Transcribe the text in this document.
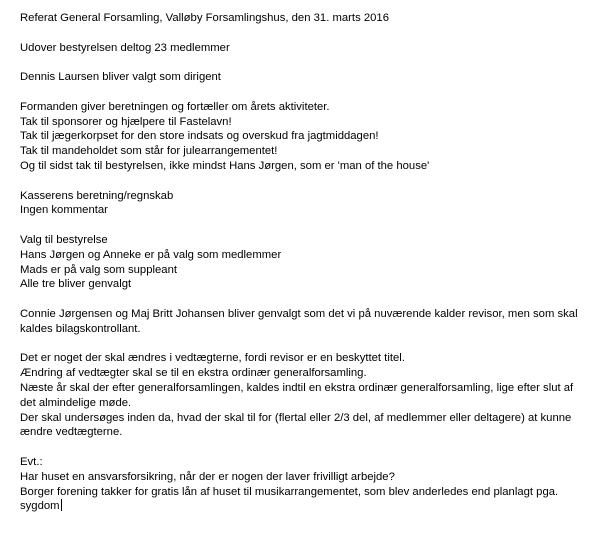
Referat General Forsamling, Valløby Forsamlingshus, den 31. marts 2016
Udover bestyrelsen deltog 23 medlemmer
Dennis Laursen bliver valgt som dirigent
Formanden giver beretningen og fortæller om årets aktiviteter.
Tak til sponsorer og hjælpere til Fastelavn!
Tak til jægerkorpset for den store indsats og overskud fra jagtmiddagen!
Tak til mandeholdet som står for julearrangementet!
Og til sidst tak til bestyrelsen, ikke mindst Hans Jørgen, som er 'man of the house'
Kasserens beretning/regnskab
Ingen kommentar
Valg til bestyrelse
Hans Jørgen og Anneke er på valg som medlemmer
Mads er på valg som suppleant
Alle tre bliver genvalgt
Connie Jørgensen og Maj Britt Johansen bliver genvalgt som det vi på nuværende kalder revisor, men som skal
kaldes bilagskontrollant.
Det er noget der skal ændres i vedtægterne, fordi revisor er en beskyttet titel.
Ændring af vedtægter skal se til en ekstra ordinær generalforsamling.
Næste år skal der efter generalforsamlingen, kaldes indtil en ekstra ordinær generalforsamling, lige efter slut af
det almindelige møde.
Der skal undersøges inden da, hvad der skal til for (flertal eller 2/3 del, af medlemmer eller deltagere) at kunne
ændre vedtægterne.
Evt.:
Har huset en ansvarsforsikring, når der er nogen der laver frivilligt arbejde?
Borger forening takker for gratis lån af huset til musikarrangementet, som blev anderledes end planlagt pga.
sygdom
